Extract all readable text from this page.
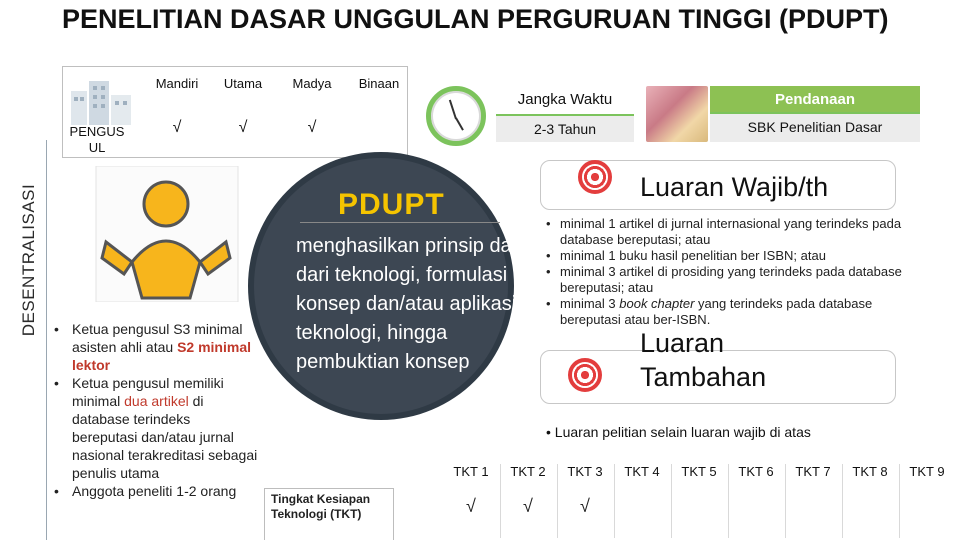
DESENTRALISASI
PENELITIAN DASAR UNGGULAN PERGURUAN TINGGI (PDUPT)
Mandiri	Utama	Madya	Binaan
PENGUS UL
√	√	√
Jangka Waktu
2-3 Tahun
Pendanaan
SBK Penelitian Dasar
PDUPT
menghasilkan prinsip dasar dari teknologi, formulasi konsep dan/atau aplikasi teknologi, hingga pembuktian konsep
• Ketua pengusul S3 minimal asisten ahli atau S2 minimal lektor
• Ketua pengusul memiliki minimal dua artikel di database terindeks bereputasi dan/atau jurnal nasional terakreditasi sebagai penulis utama
• Anggota peneliti 1-2 orang
Luaran Wajib/th
• minimal 1 artikel di jurnal internasional yang terindeks pada database bereputasi; atau
• minimal 1 buku hasil penelitian ber ISBN; atau
• minimal 3 artikel di prosiding yang terindeks pada database bereputasi; atau
• minimal 3 book chapter yang terindeks pada database bereputasi atau ber-ISBN.
Luaran Tambahan
• Luaran pelitian selain luaran wajib di atas
Tingkat Kesiapan Teknologi (TKT)
TKT 1
√
TKT 2
√
TKT 3
√
TKT 4	TKT 5	TKT 6	TKT 7	TKT 8	TKT 9
